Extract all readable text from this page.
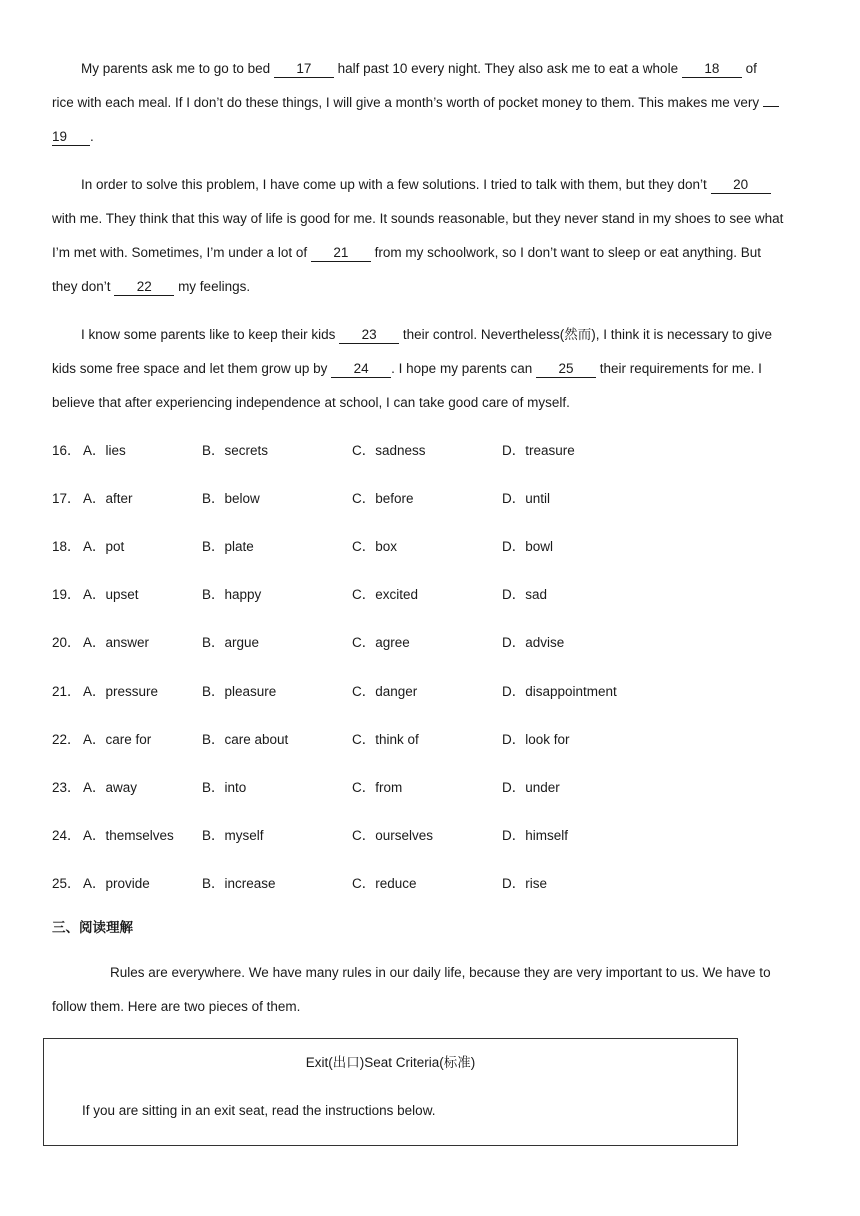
My parents ask me to go to bed 17 half past 10 every night. They also ask me to eat a whole 18 of
rice with each meal. If I don’t do these things, I will give a month’s worth of pocket money to them. This makes me very
19 .
In order to solve this problem, I have come up with a few solutions. I tried to talk with them, but they don’t 20
with me. They think that this way of life is good for me. It sounds reasonable, but they never stand in my shoes to see what
I’m met with. Sometimes, I’m under a lot of 21 from my schoolwork, so I don’t want to sleep or eat anything. But
they don’t 22 my feelings.
I know some parents like to keep their kids 23 their control. Nevertheless(然而), I think it is necessary to give
kids some free space and let them grow up by 24 . I hope my parents can 25 their requirements for me. I
believe that after experiencing independence at school, I can take good care of myself.
16． A．lies	B．secrets	C．sadness	D．treasure
17． A．after	B．below	C．before	D．until
18． A．pot	B．plate	C．box	D．bowl
19． A．upset	B．happy	C．excited	D．sad
20． A．answer	B．argue	C．agree	D．advise
21． A．pressure	B．pleasure	C．danger	D．disappointment
22． A．care for	B．care about	C．think of	D．look for
23． A．away	B．into	C．from	D．under
24． A．themselves B．myself	C．ourselves	D．himself
25． A．provide	B．increase	C．reduce	D．rise
三、阅读理解
Rules are everywhere. We have many rules in our daily life, because they are very important to us. We have to
follow them. Here are two pieces of them.
Exit(出口)Seat Criteria(标准)
If you are sitting in an exit seat, read the instructions below.
